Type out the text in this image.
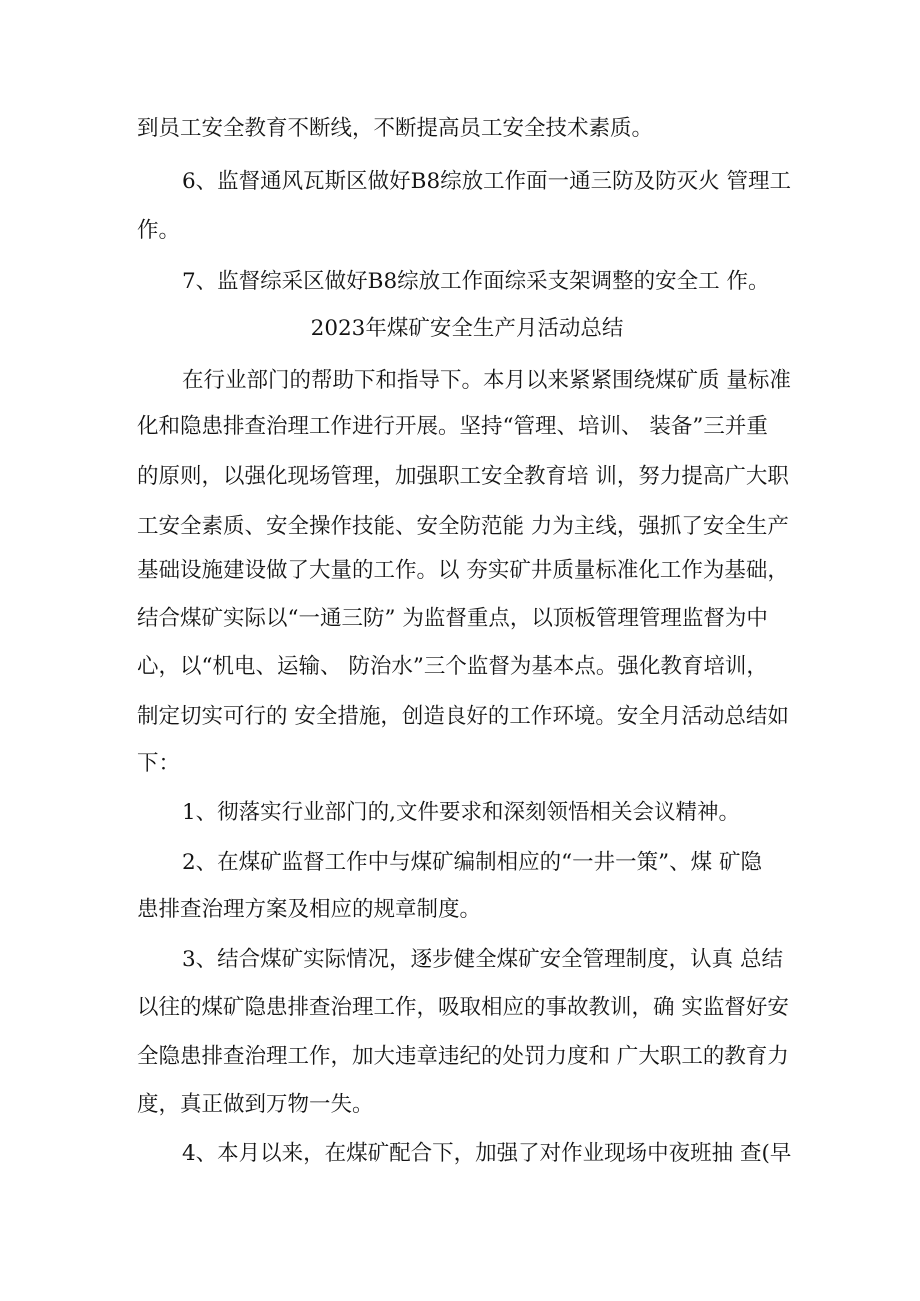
到员工安全教育不断线，不断提高员工安全技术素质。
6、监督通风瓦斯区做好B8综放工作面一通三防及防灭火 管理工
作。
7、监督综采区做好B8综放工作面综采支架调整的安全工 作。
2023年煤矿安全生产月活动总结
在行业部门的帮助下和指导下。本月以来紧紧围绕煤矿质 量标准
化和隐患排查治理工作进行开展。坚持“管理、培训、 装备”三并重
的原则，以强化现场管理，加强职工安全教育培 训，努力提高广大职
工安全素质、安全操作技能、安全防范能 力为主线，强抓了安全生产
基础设施建设做了大量的工作。以 夯实矿井质量标准化工作为基础，
结合煤矿实际以“一通三防” 为监督重点，以顶板管理管理监督为中
心，以“机电、运输、 防治水”三个监督为基本点。强化教育培训，
制定切实可行的 安全措施，创造良好的工作环境。安全月活动总结如
下：
1、彻落实行业部门的,文件要求和深刻领悟相关会议精神。
2、在煤矿监督工作中与煤矿编制相应的“一井一策”、煤 矿隐
患排查治理方案及相应的规章制度。
3、结合煤矿实际情况，逐步健全煤矿安全管理制度，认真 总结
以往的煤矿隐患排查治理工作，吸取相应的事故教训，确 实监督好安
全隐患排查治理工作，加大违章违纪的处罚力度和 广大职工的教育力
度，真正做到万物一失。
4、本月以来，在煤矿配合下，加强了对作业现场中夜班抽 查(早
